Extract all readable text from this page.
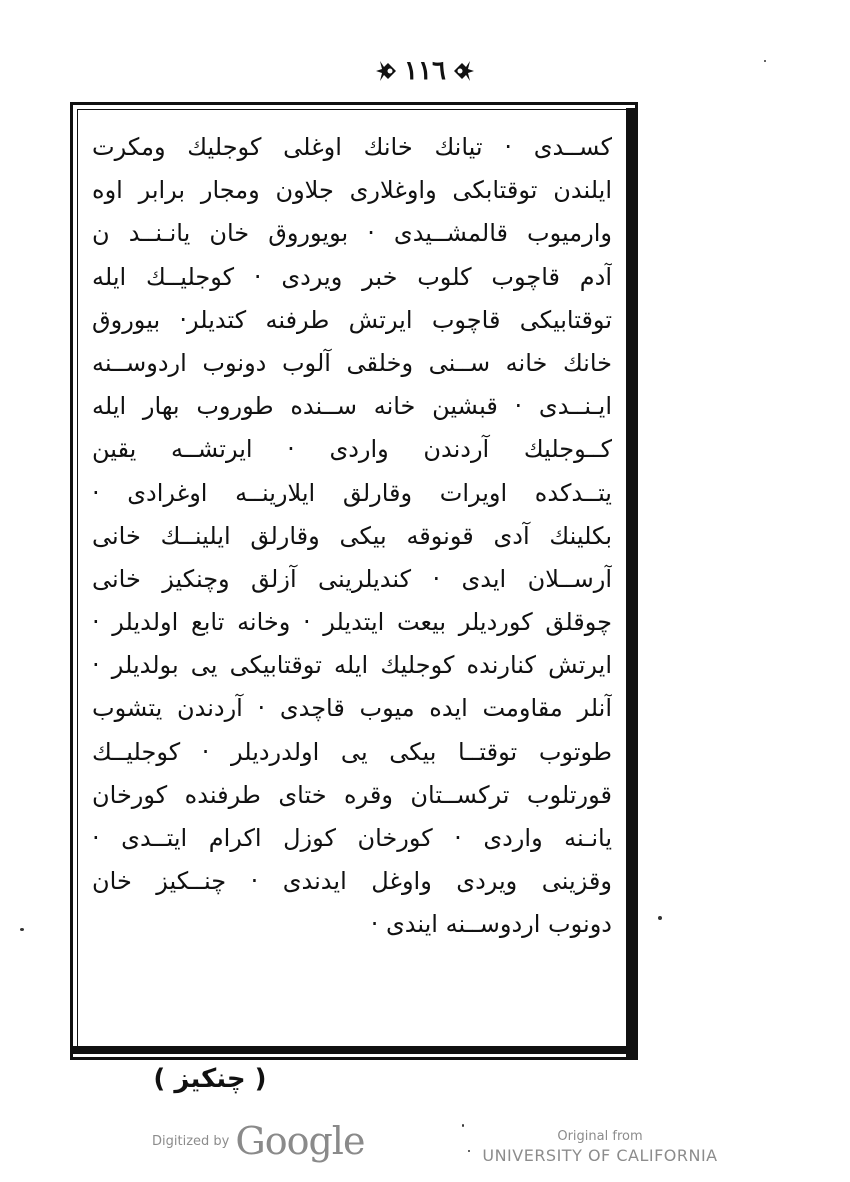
١١٦
كســدى · تيانك خانك اوغلى كوجليك ومكرت
ايلندن توقتابكى واوغلارى جلاون ومجار برابر اوه
وارميوب قالمشــيدى · بويوروق خان يانـنــد ن
آدم قاچوب كلوب خبر ويردى · كوجليــك ايله
توقتابيكى قاچوب ايرتش طرفنه كتديلر· بيوروق
خانك خانه ســنى وخلقى آلوب دونوب اردوســنه
ايـنــدى · قبشين خانه ســنده طوروب بهار ايله
كــوجليك آردندن واردى · ايرتشــه يقين
يتــدكده اويرات وقارلق ايلارينــه اوغرادى ·
بكلينك آدى قونوقه بيكى وقارلق ايلينــك خانى
آرســلان ايدى · كنديلرينى آزلق وچنكيز خانى
چوقلق كورديلر بيعت ايتديلر · وخانه تابع اولديلر ·
ايرتش كنارنده كوجليك ايله توقتابيكى يى بولديلر ·
آنلر مقاومت ايده ميوب قاچدى · آردندن يتشوب
طوتوب توقتــا بيكى يى اولدرديلر · كوجليــك
قورتلوب تركســتان وقره ختاى طرفنده كورخان
يانـنه واردى · كورخان كوزل اكرام ايتــدى ·
وقزينى ويردى واوغل ايدندى · چنــكيز خان
دونوب اردوســنه ايندى ·
( چنكيز )
Digitized by Google	Original from
UNIVERSITY OF CALIFORNIA
